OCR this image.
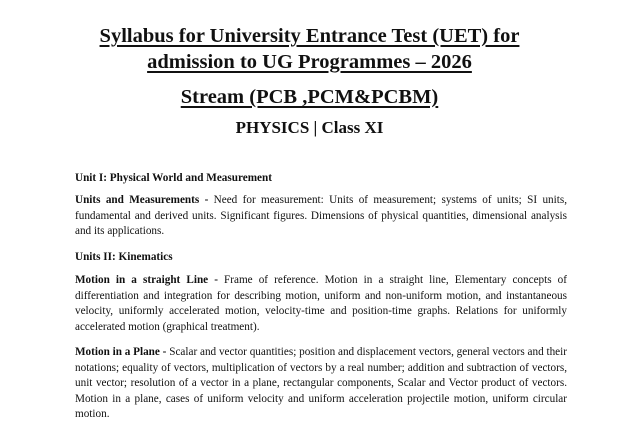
Syllabus for University Entrance Test (UET) for
admission to UG Programmes – 2026
Stream (PCB ,PCM&PCBM)
PHYSICS | Class XI
Unit I: Physical World and Measurement

Units and Measurements - Need for measurement: Units of measurement; systems of units; SI units, fundamental and derived units. Significant figures. Dimensions of physical quantities, dimensional analysis and its applications.

Units II: Kinematics

Motion in a straight Line - Frame of reference. Motion in a straight line, Elementary concepts of differentiation and integration for describing motion, uniform and non-uniform motion, and instantaneous velocity, uniformly accelerated motion, velocity-time and position-time graphs. Relations for uniformly accelerated motion (graphical treatment).

Motion in a Plane - Scalar and vector quantities; position and displacement vectors, general vectors and their notations; equality of vectors, multiplication of vectors by a real number; addition and subtraction of vectors, unit vector; resolution of a vector in a plane, rectangular components, Scalar and Vector product of vectors. Motion in a plane, cases of uniform velocity and uniform acceleration projectile motion, uniform circular motion.
